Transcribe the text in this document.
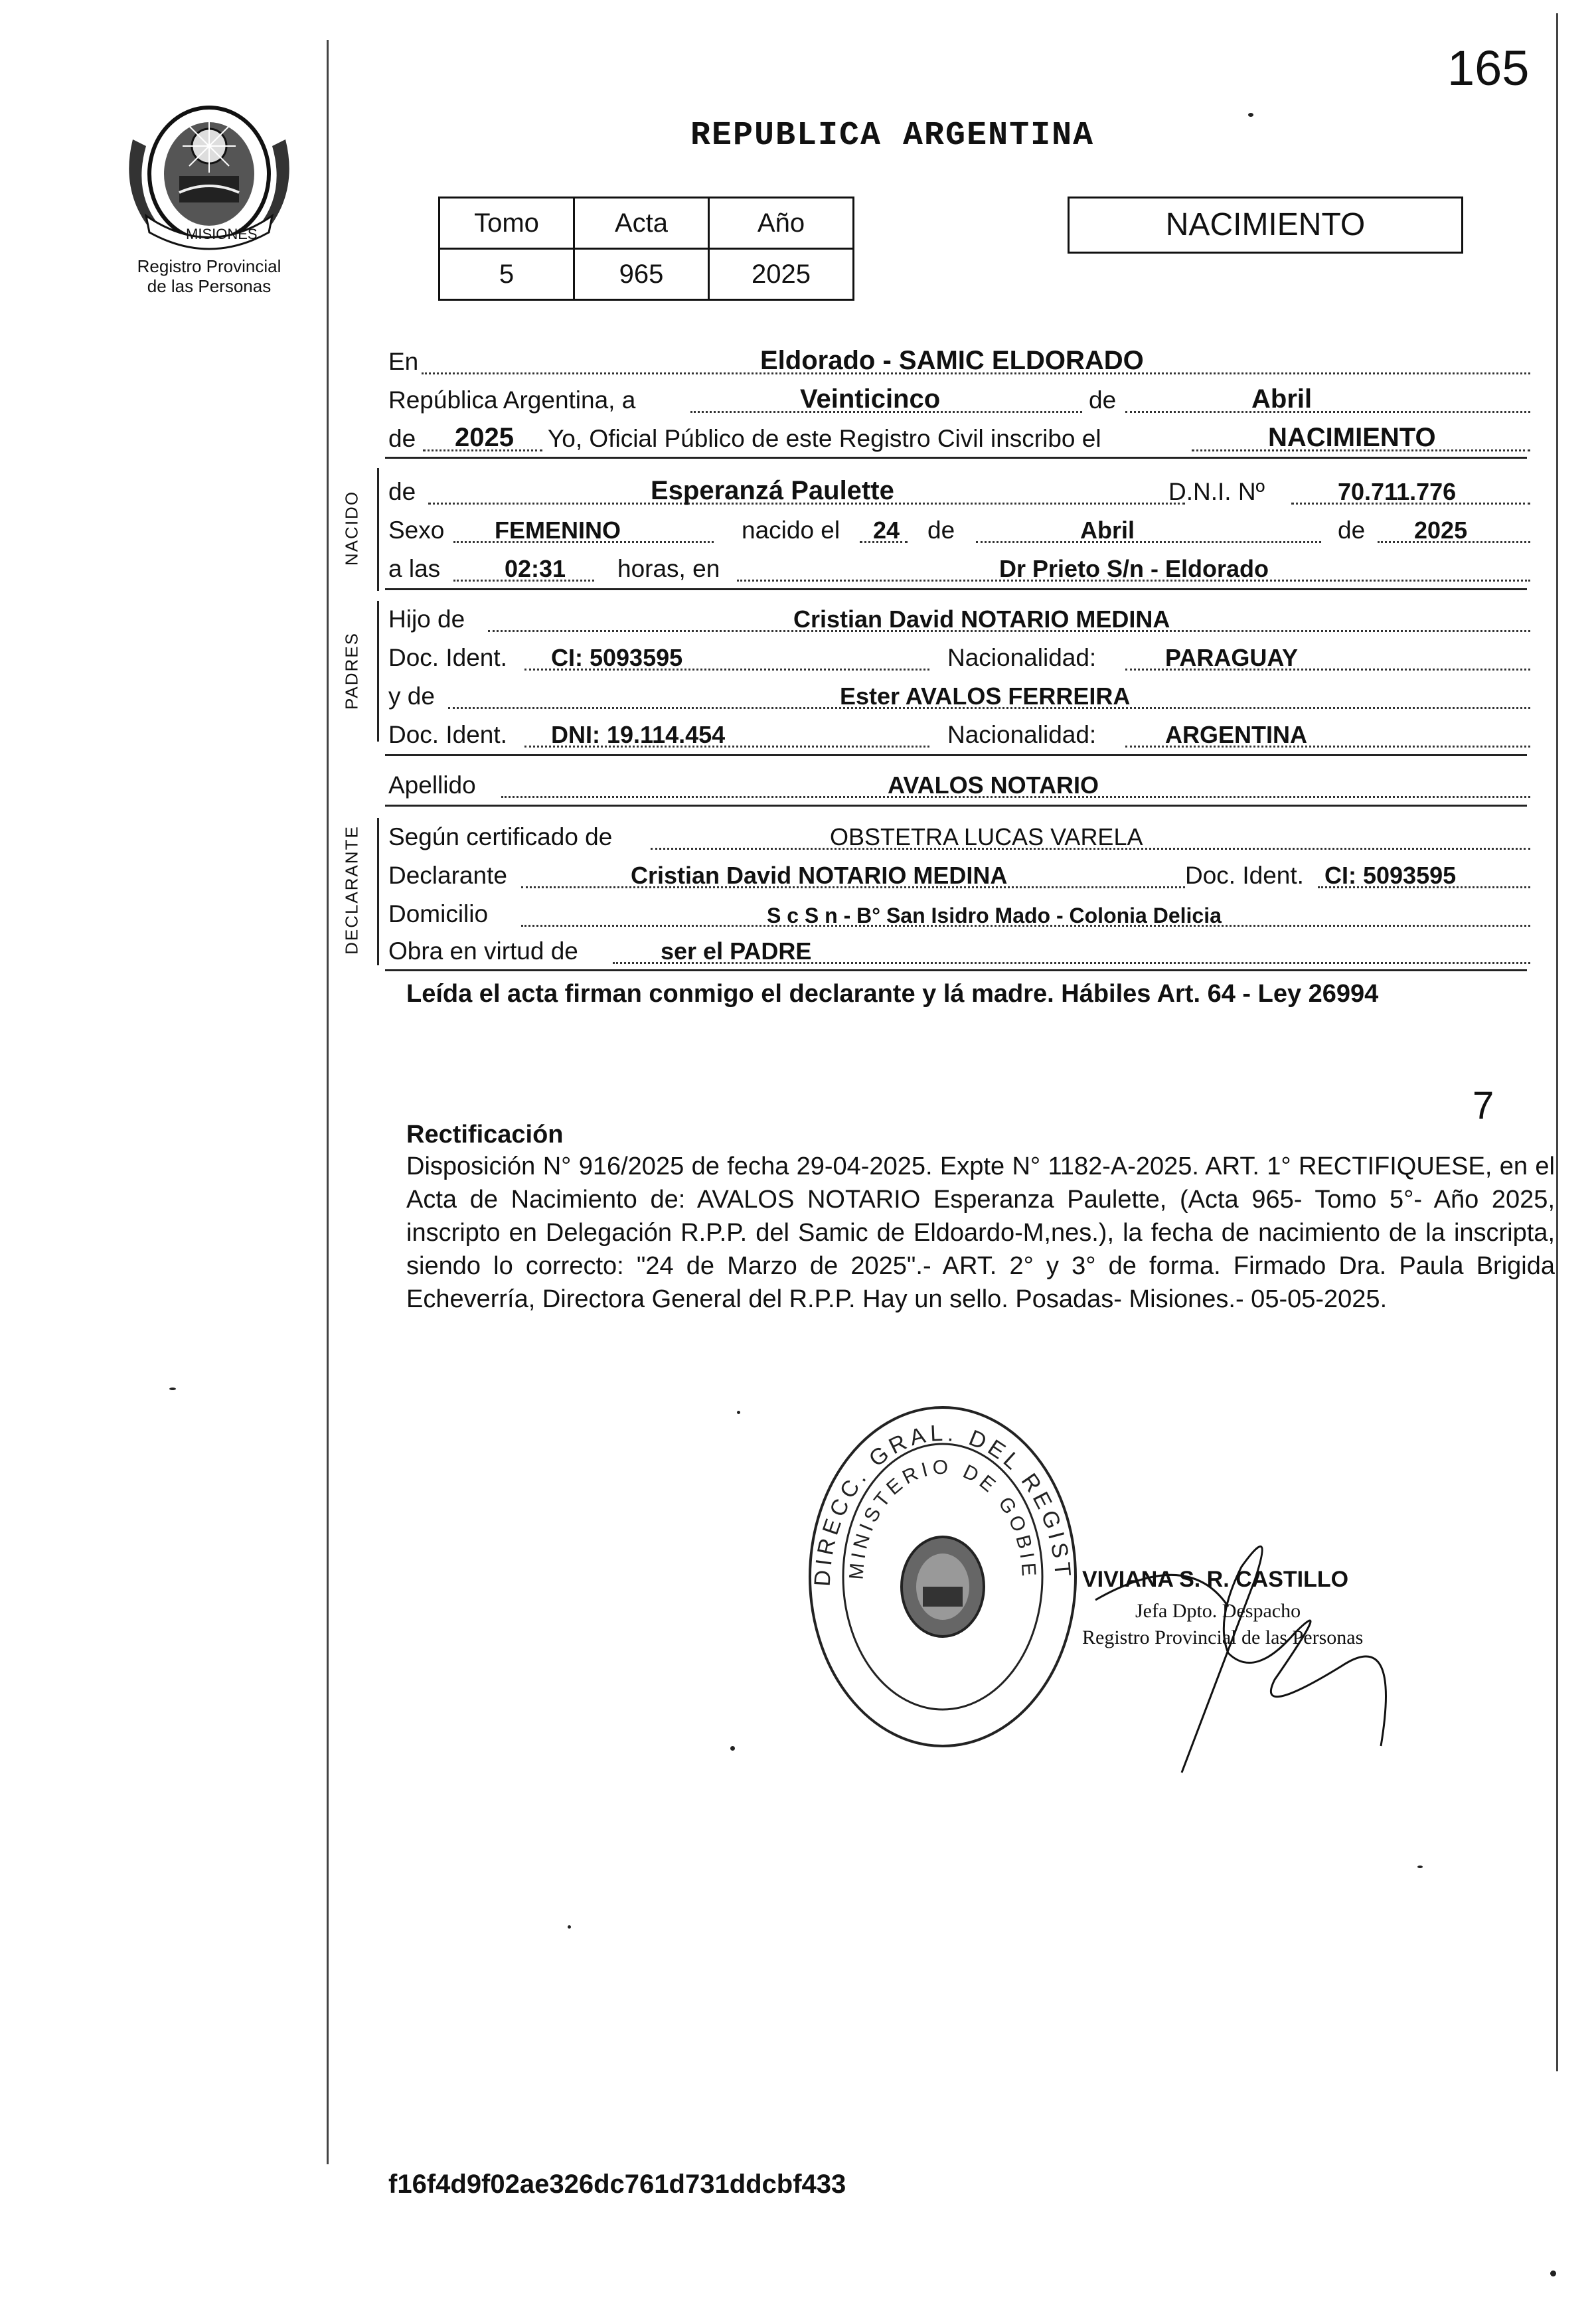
165
MISIONES
Registro Provincial
de las Personas
REPUBLICA ARGENTINA
Tomo	Acta	Año
5	965	2025
NACIMIENTO
En	Eldorado - SAMIC ELDORADO
República Argentina, a	Veinticinco	de	Abril
de 2025 Yo, Oficial Público de este Registro Civil inscribo el	NACIMIENTO
NACIDO de	Esperanzá Paulette	D.N.I. Nº	70.711.776
Sexo FEMENINO	nacido el 24 de	Abril	de 2025
a las	02:31 horas, en	Dr Prieto S/n - Eldorado
PADRES
Hijo de	Cristian David NOTARIO MEDINA
Doc. Ident. CI: 5093595	Nacionalidad:	PARAGUAY
y de	Ester AVALOS FERREIRA
Doc. Ident. DNI: 19.114.454	Nacionalidad:	ARGENTINA
Apellido	AVALOS NOTARIO
DECLARANTE Según certificado de	OBSTETRA LUCAS VARELA
Declarante	Cristian David NOTARIO MEDINA	Doc. Ident. CI: 5093595
Domicilio	S c S n - B° San Isidro Mado - Colonia Delicia
Obra en virtud de	ser el PADRE
Leída el acta firman conmigo el declarante y lá madre. Hábiles Art. 64 - Ley 26994
7
Rectificación
Disposición N° 916/2025 de fecha 29-04-2025. Expte N° 1182-A-2025. ART. 1° RECTIFIQUESE, en el Acta de Nacimiento de: AVALOS NOTARIO Esperanza Paulette, (Acta 965- Tomo 5°- Año 2025, inscripto en Delegación R.P.P. del Samic de Eldoardo-M,nes.), la fecha de nacimiento de la inscripta, siendo lo correcto: "24 de Marzo de 2025".- ART. 2° y 3° de forma. Firmado Dra. Paula Brigida Echeverría, Directora General del R.P.P. Hay un sello. Posadas- Misiones.- 05-05-2025.
DIRECC. GRAL. DEL REGIST
MINISTERIO DE GOBIE VIVIANA S. R. CASTILLO
Jefa Dpto. Despacho
Registro Provincial de las Personas
f16f4d9f02ae326dc761d731ddcbf433
